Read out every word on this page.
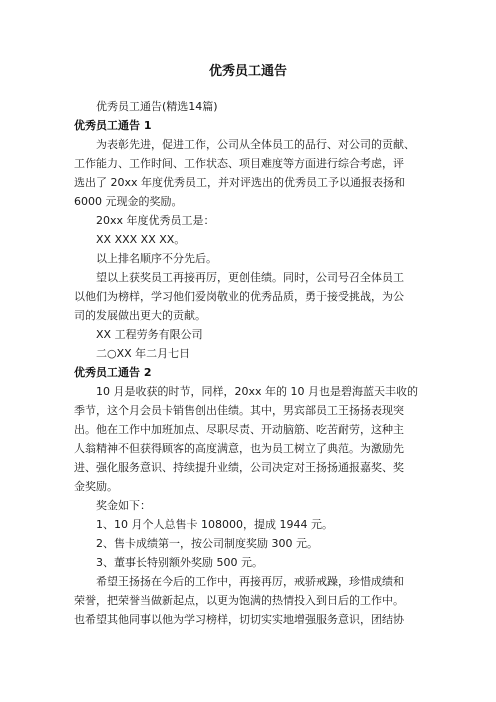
优秀员工通告

优秀员工通告(精选14篇)

优秀员工通告 1

为表彰先进，促进工作，公司从全体员工的品行、对公司的贡献、

工作能力、工作时间、工作状态、项目难度等方面进行综合考虑，评

选出了 20xx 年度优秀员工，并对评选出的优秀员工予以通报表扬和

6000 元现金的奖励。

20xx 年度优秀员工是：

XX XXX XX XX。

以上排名顺序不分先后。

望以上获奖员工再接再厉，更创佳绩。同时，公司号召全体员工

以他们为榜样，学习他们爱岗敬业的优秀品质，勇于接受挑战，为公

司的发展做出更大的贡献。

XX 工程劳务有限公司

二○XX 年二月七日

优秀员工通告 2

10 月是收获的时节，同样，20xx 年的 10 月也是碧海蓝天丰收的

季节，这个月会员卡销售创出佳绩。其中，男宾部员工王扬扬表现突

出。他在工作中加班加点、尽职尽责、开动脑筋、吃苦耐劳，这种主

人翁精神不但获得顾客的高度满意，也为员工树立了典范。为激励先

进、强化服务意识、持续提升业绩，公司决定对王扬扬通报嘉奖、奖

金奖励。

奖金如下：

1、10 月个人总售卡 108000，提成 1944 元。

2、售卡成绩第一，按公司制度奖励 300 元。

3、董事长特别额外奖励 500 元。

希望王扬扬在今后的工作中，再接再厉，戒骄戒躁，珍惜成绩和

荣誉，把荣誉当做新起点，以更为饱满的热情投入到日后的工作中。

也希望其他同事以他为学习榜样，切切实实地增强服务意识，团结协
